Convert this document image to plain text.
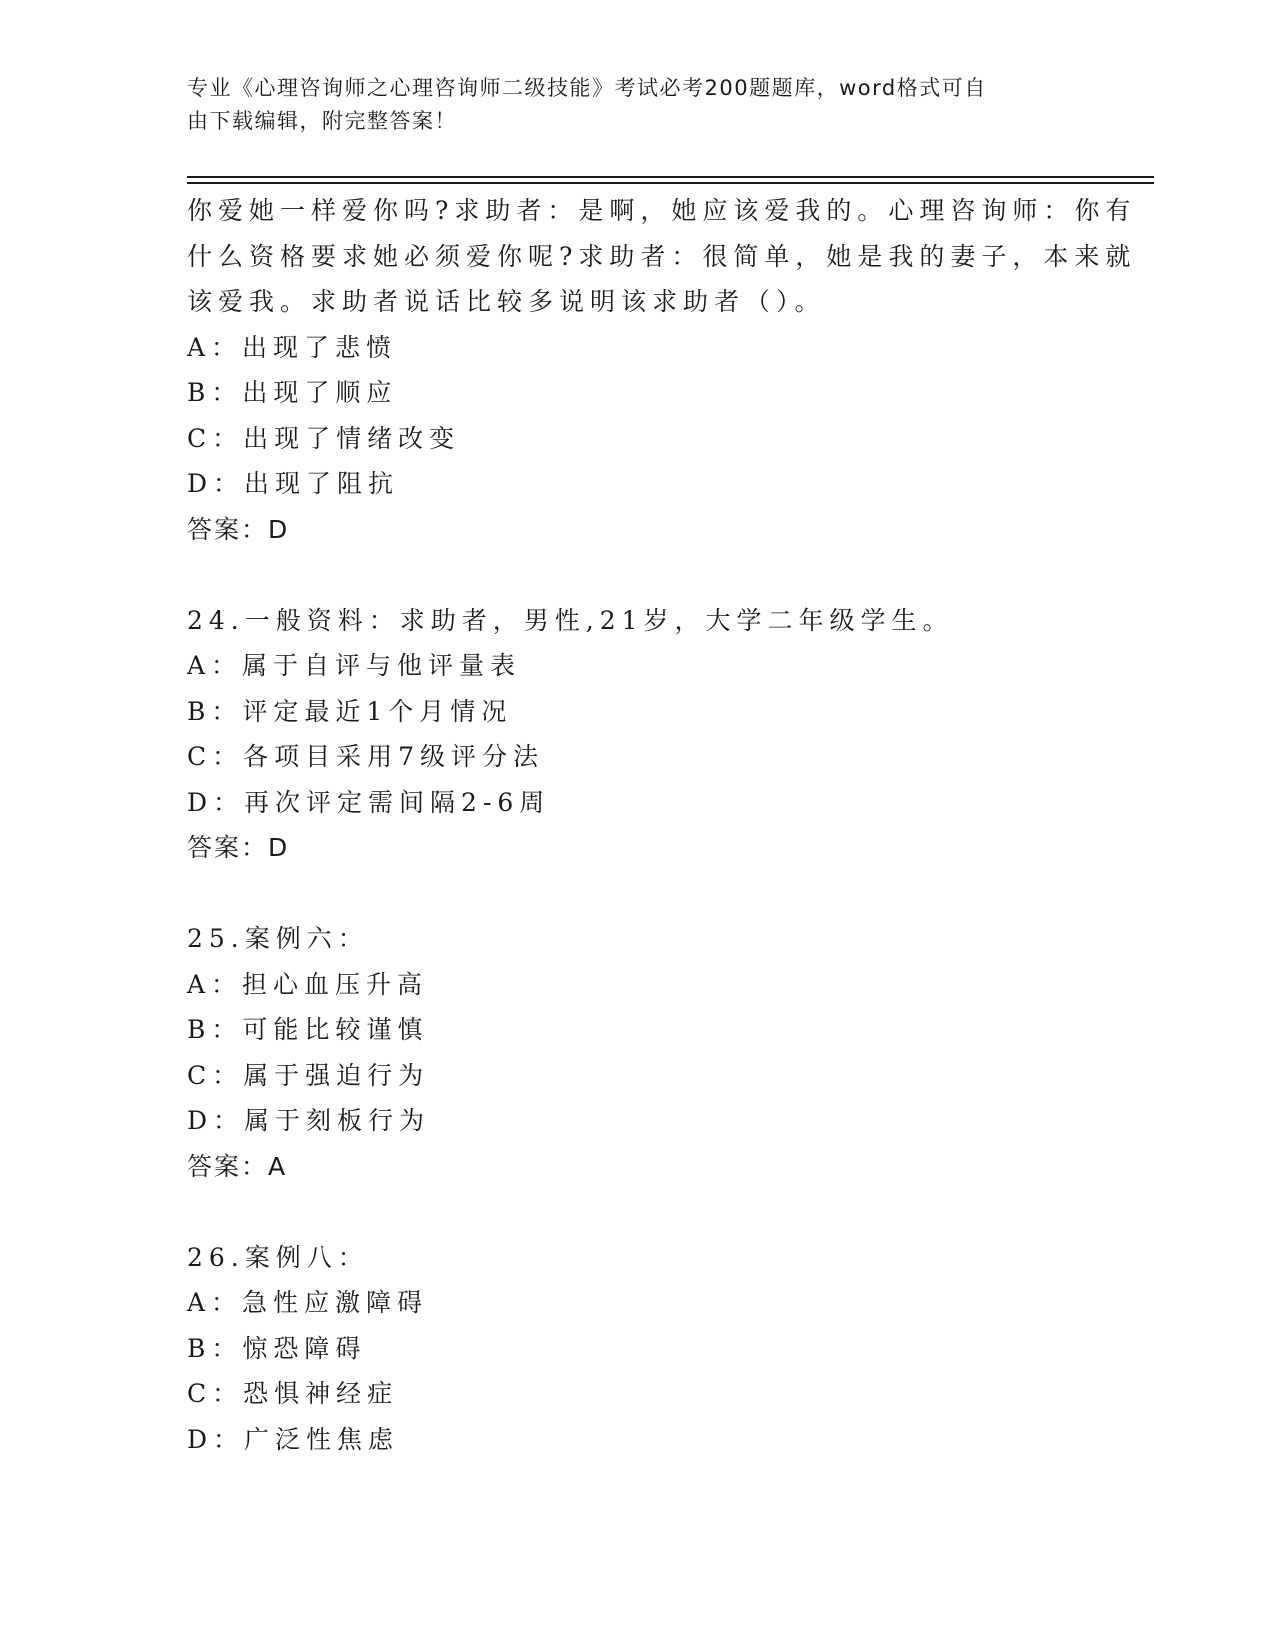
专业《心理咨询师之心理咨询师二级技能》考试必考200题题库，word格式可自
由下载编辑，附完整答案！
你爱她一样爱你吗?求助者：是啊，她应该爱我的。心理咨询师：你有
什么资格要求她必须爱你呢?求助者：很简单，她是我的妻子，本来就
该爱我。求助者说话比较多说明该求助者（）。
A：出现了悲愤
B：出现了顺应
C：出现了情绪改变
D：出现了阻抗
答案：D
24.一般资料：求助者，男性,21岁，大学二年级学生。
A：属于自评与他评量表
B：评定最近1个月情况
C：各项目采用7级评分法
D：再次评定需间隔2-6周
答案：D
25.案例六：
A：担心血压升高
B：可能比较谨慎
C：属于强迫行为
D：属于刻板行为
答案：A
26.案例八：
A：急性应激障碍
B：惊恐障碍
C：恐惧神经症
D：广泛性焦虑
